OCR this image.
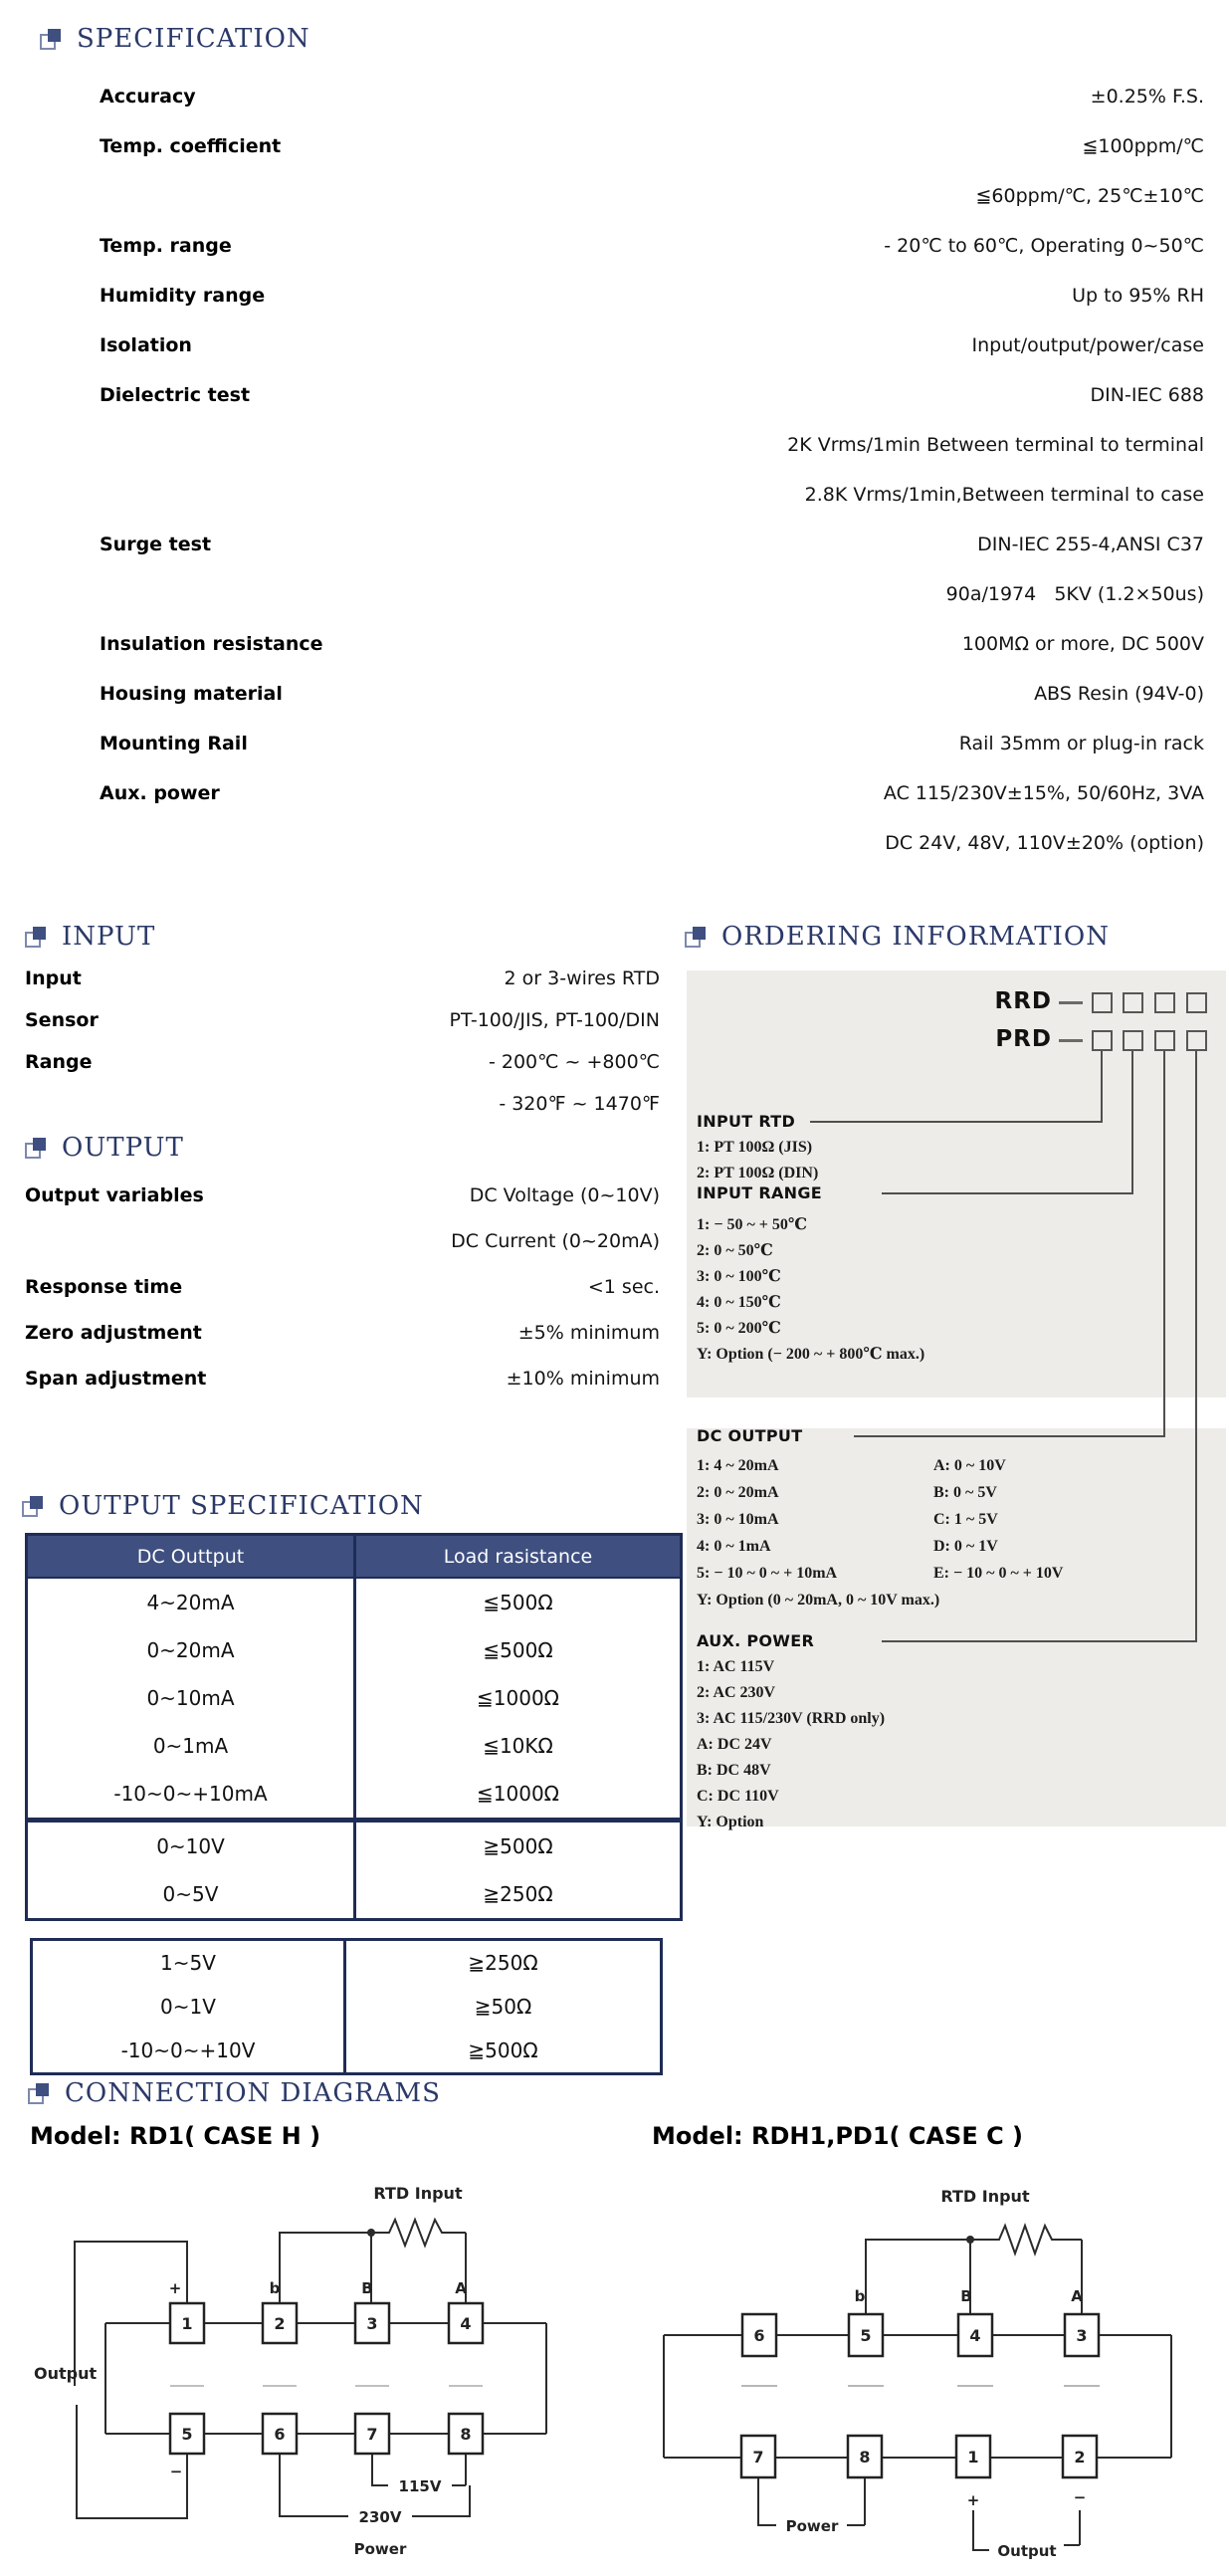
SPECIFICATION
Accuracy	±0.25% F.S.
Temp. coefficient	≦100ppm/℃
≦60ppm/℃, 25℃±10℃
Temp. range	- 20℃ to 60℃, Operating 0~50℃
Humidity range	Up to 95% RH
Isolation	Input/output/power/case
Dielectric test	DIN-IEC 688
2K Vrms/1min Between terminal to terminal
2.8K Vrms/1min,Between terminal to case
Surge test	DIN-IEC 255-4,ANSI C37
90a/1974   5KV (1.2×50us)
Insulation resistance	100MΩ or more, DC 500V
Housing material	ABS Resin (94V-0)
Mounting Rail	Rail 35mm or plug-in rack
Aux. power	AC 115/230V±15%, 50/60Hz, 3VA
DC 24V, 48V, 110V±20% (option)
INPUT
Input	2 or 3-wires RTD
Sensor	PT-100/JIS, PT-100/DIN
Range	- 200℃ ~ +800℃
- 320℉ ~ 1470℉
OUTPUT
Output variables	DC Voltage (0~10V)
DC Current (0~20mA)
Response time	<1 sec.
Zero adjustment	±5% minimum
Span adjustment	±10% minimum
ORDERING INFORMATION
RRD
PRD
INPUT RTD
1: PT 100Ω (JIS)
2: PT 100Ω (DIN)
INPUT RANGE
1: − 50 ~ + 50℃
2: 0 ~ 50℃
3: 0 ~ 100℃
4: 0 ~ 150℃
5: 0 ~ 200℃
Y: Option (− 200 ~ + 800℃ max.)
DC OUTPUT
1: 4 ~ 20mA
2: 0 ~ 20mA
3: 0 ~ 10mA
4: 0 ~ 1mA
5: − 10 ~ 0 ~ + 10mA
A: 0 ~ 10V
B: 0 ~ 5V
C: 1 ~ 5V
D: 0 ~ 1V
E: − 10 ~ 0 ~ + 10V
Y: Option (0 ~ 20mA, 0 ~ 10V max.)
AUX. POWER
1: AC 115V
2: AC 230V
3: AC 115/230V (RRD only)
A: DC 24V
B: DC 48V
C: DC 110V
Y: Option
OUTPUT SPECIFICATION
DC Outtput	Load rasistance
4~20mA	≦500Ω
0~20mA	≦500Ω
0~10mA	≦1000Ω
0~1mA	≦10KΩ
-10~0~+10mA	≦1000Ω
0~10V	≧500Ω
0~5V	≧250Ω
1~5V	≧250Ω
0~1V	≧50Ω
-10~0~+10V	≧500Ω
CONNECTION DIAGRAMS
Model: RD1( CASE H )	Model: RDH1,PD1( CASE C )
RTD Input
1	2	3	4
5	6	7	8
+	b	B	A
−
Output
115V
230V
Power
RTD Input
6	5	4	3
7	8	1	2
b	B	A
+	−
Power
Output
